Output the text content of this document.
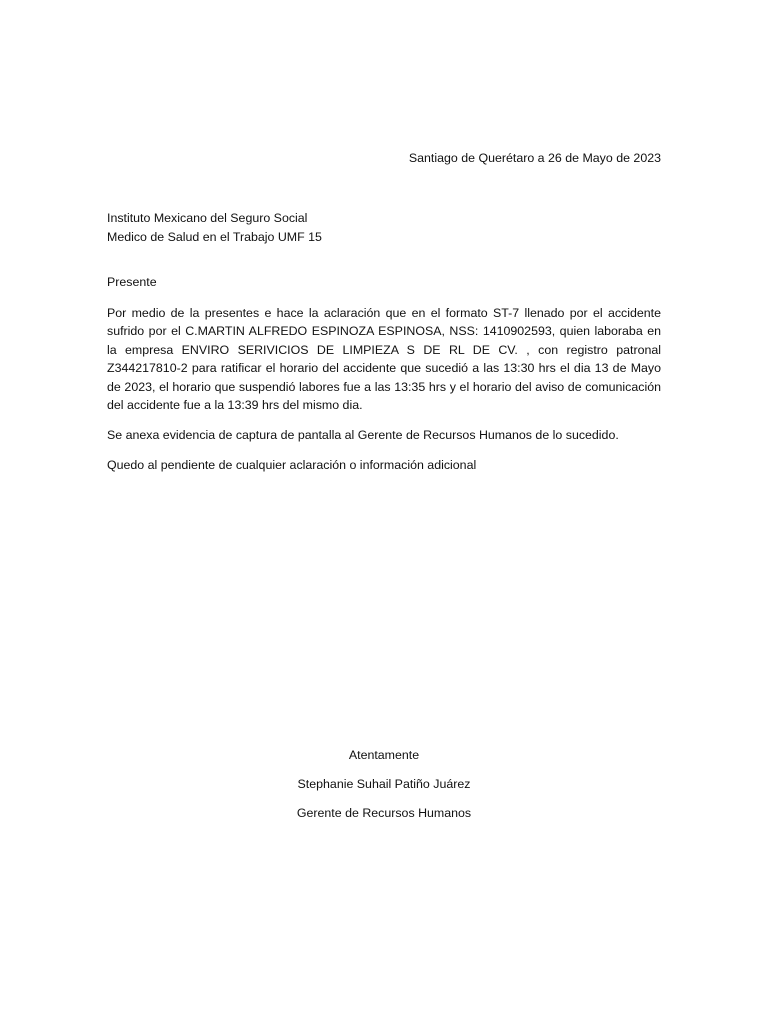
Santiago de Querétaro a 26 de Mayo de 2023
Instituto Mexicano del Seguro Social
Medico de Salud en el Trabajo UMF 15
Presente
Por medio de la presentes e hace la aclaración que en el formato ST-7 llenado por el accidente sufrido por el C.MARTIN ALFREDO ESPINOZA ESPINOSA, NSS: 1410902593, quien laboraba en la empresa ENVIRO SERIVICIOS DE LIMPIEZA S DE RL DE CV. , con registro patronal Z344217810-2 para ratificar el horario del accidente que sucedió a las 13:30 hrs el dia 13 de Mayo de 2023, el horario que suspendió labores fue a las 13:35 hrs y el horario del aviso de comunicación del accidente fue a la 13:39 hrs del mismo dia.
Se anexa evidencia de captura de pantalla al Gerente de Recursos Humanos de lo sucedido.
Quedo al pendiente de cualquier aclaración o información adicional
Atentamente
Stephanie Suhail Patiño Juárez
Gerente de Recursos Humanos
